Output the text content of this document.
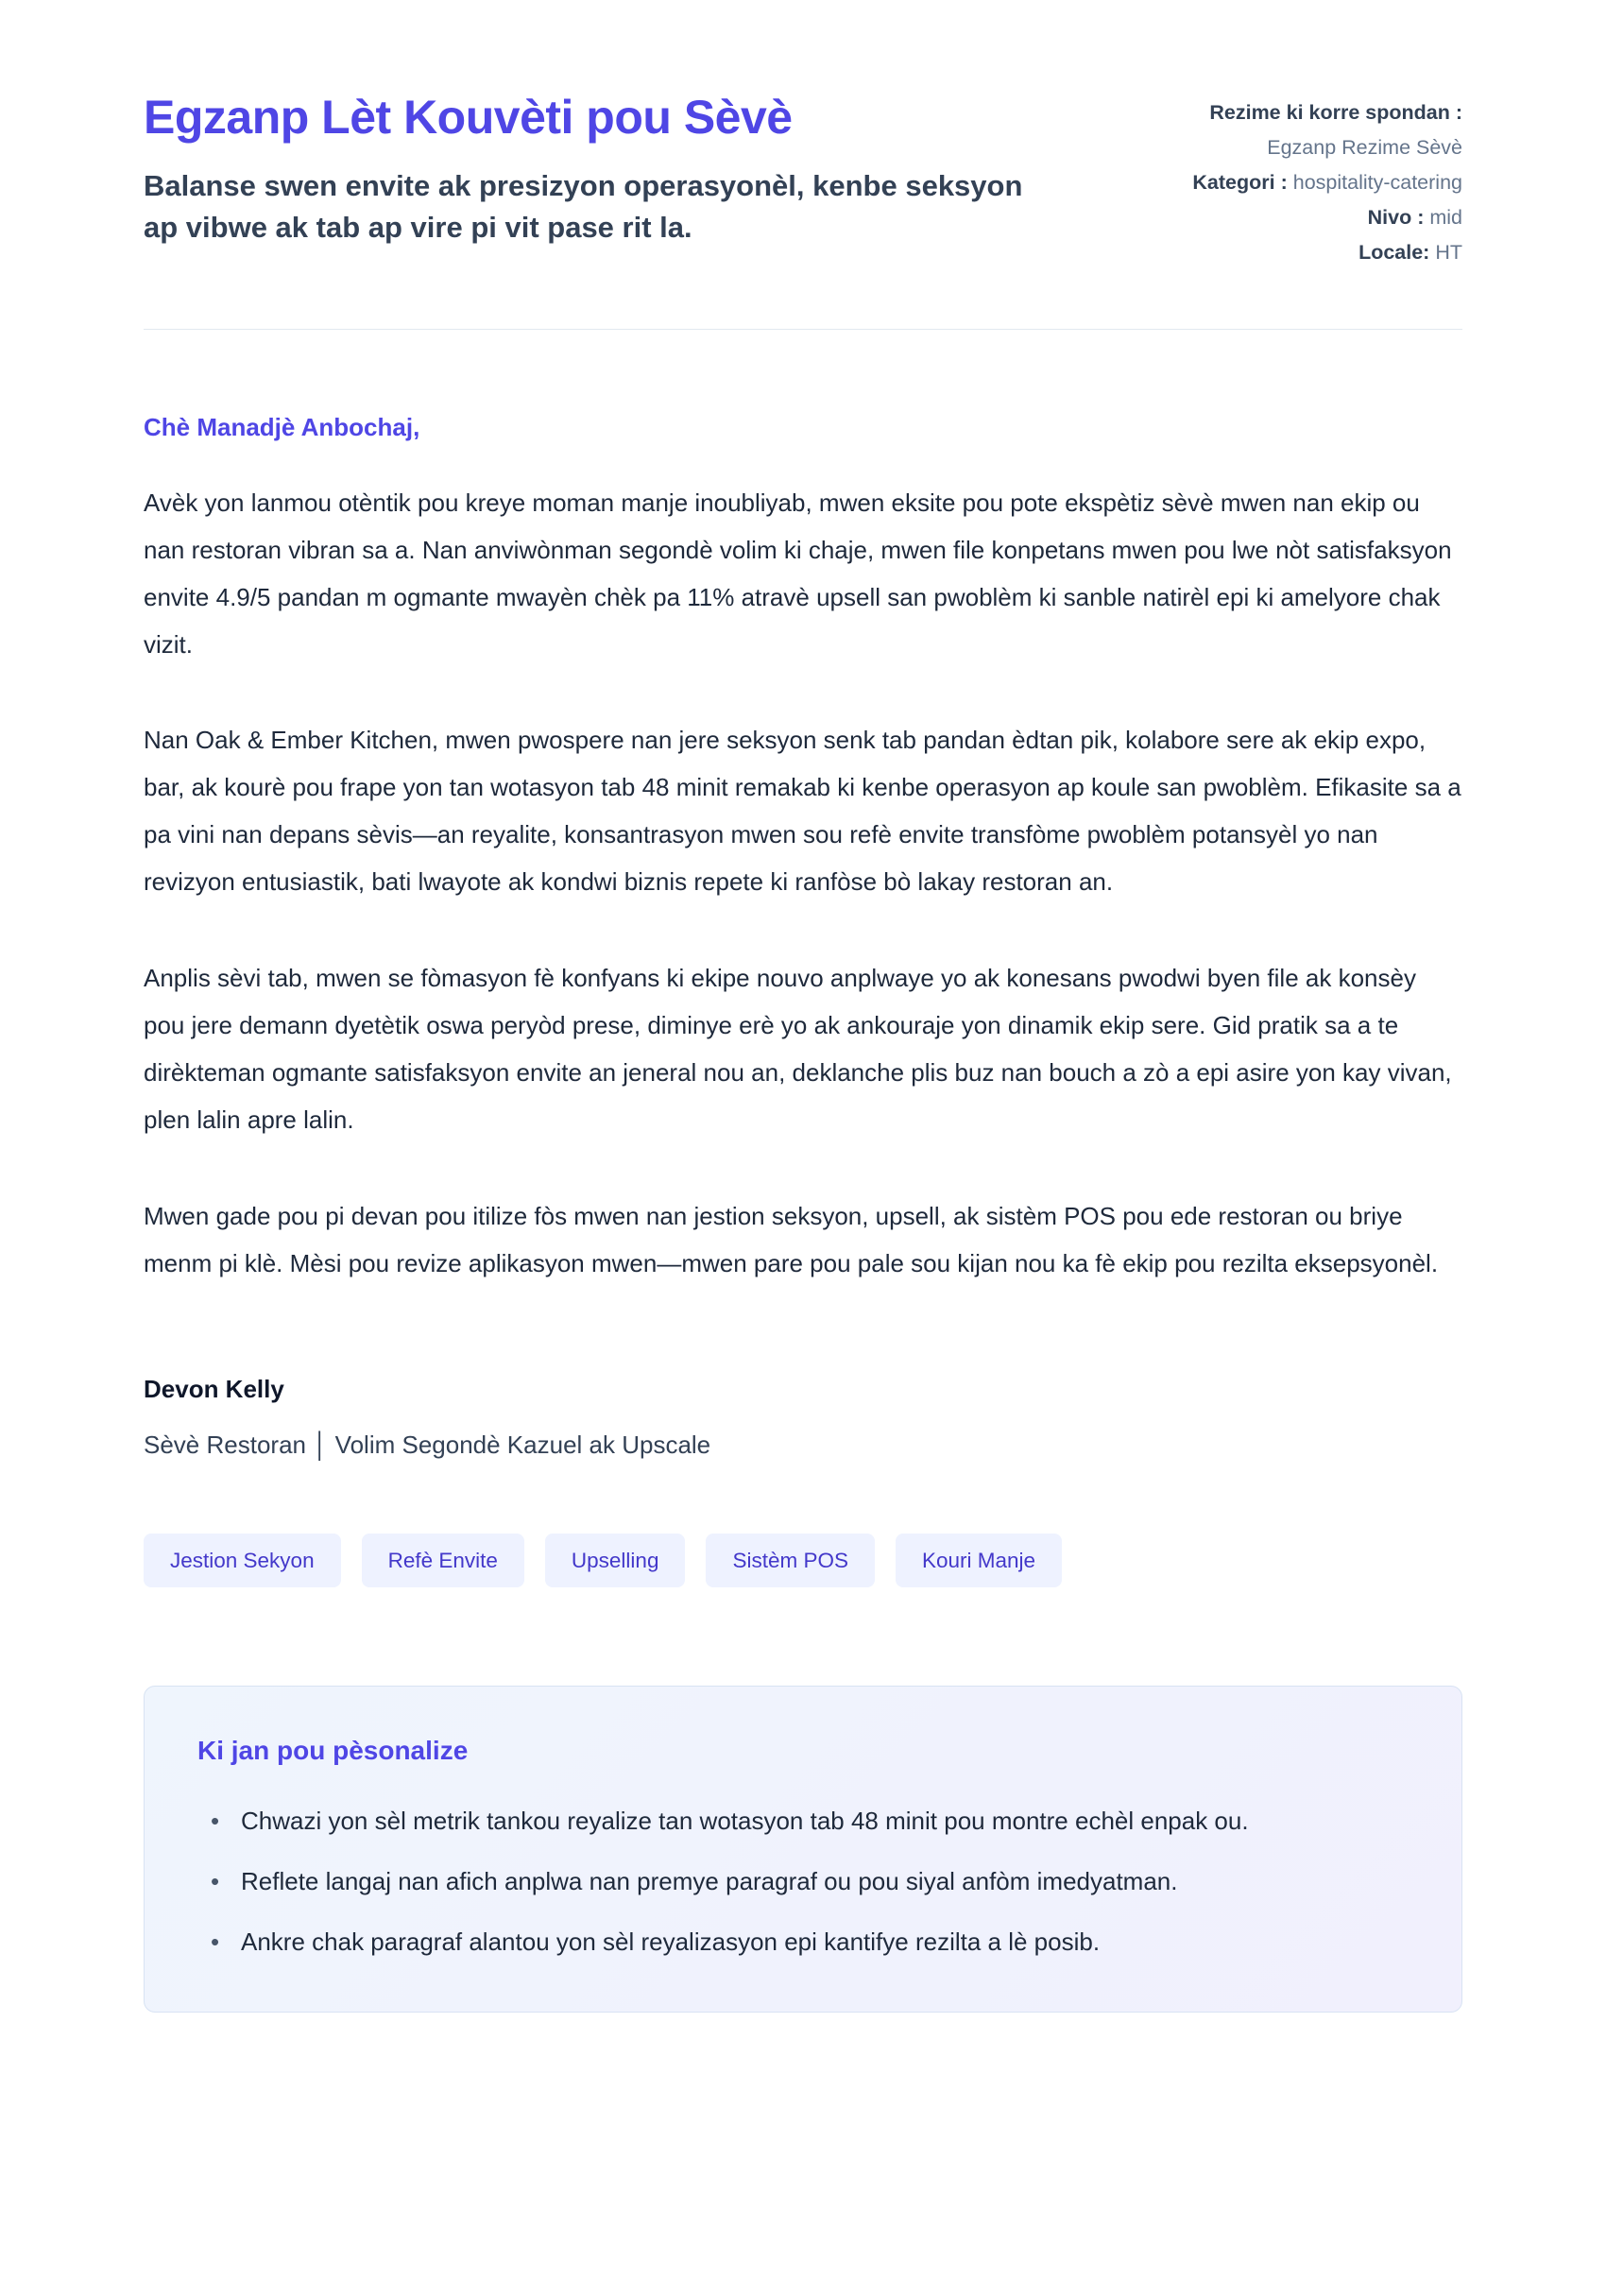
Egzanp Lèt Kouvèti pou Sèvè
Balanse swen envite ak presizyon operasyonèl, kenbe seksyon ap vibwe ak tab ap vire pi vit pase rit la.
Rezime ki korre spondan : Egzanp Rezime Sèvè
Kategori : hospitality-catering
Nivo : mid
Locale: HT
Chè Manadjè Anbochaj,

Avèk yon lanmou otèntik pou kreye moman manje inoubliyab, mwen eksite pou pote ekspètiz sèvè mwen nan ekip ou nan restoran vibran sa a. Nan anviwònman segondè volim ki chaje, mwen file konpetans mwen pou lwe nòt satisfaksyon envite 4.9/5 pandan m ogmante mwayèn chèk pa 11% atravè upsell san pwoblèm ki sanble natirèl epi ki amelyore chak vizit.

Nan Oak & Ember Kitchen, mwen pwospere nan jere seksyon senk tab pandan èdtan pik, kolabore sere ak ekip expo, bar, ak kourè pou frape yon tan wotasyon tab 48 minit remakab ki kenbe operasyon ap koule san pwoblèm. Efikasite sa a pa vini nan depans sèvis—an reyalite, konsantrasyon mwen sou refè envite transfòme pwoblèm potansyèl yo nan revizyon entusiastik, bati lwayote ak kondwi biznis repete ki ranfòse bò lakay restoran an.

Anplis sèvi tab, mwen se fòmasyon fè konfyans ki ekipe nouvo anplwaye yo ak konesans pwodwi byen file ak konsèy pou jere demann dyetètik oswa peryòd prese, diminye erè yo ak ankouraje yon dinamik ekip sere. Gid pratik sa a te dirèkteman ogmante satisfaksyon envite an jeneral nou an, deklanche plis buz nan bouch a zò a epi asire yon kay vivan, plen lalin apre lalin.

Mwen gade pou pi devan pou itilize fòs mwen nan jestion seksyon, upsell, ak sistèm POS pou ede restoran ou briye menm pi klè. Mèsi pou revize aplikasyon mwen—mwen pare pou pale sou kijan nou ka fè ekip pou rezilta eksepsyonèl.

Devon Kelly
Sèvè Restoran │ Volim Segondè Kazuel ak Upscale
Jestion Sekyon	Refè Envite	Upselling	Sistèm POS	Kouri Manje
Ki jan pou pèsonalize
• Chwazi yon sèl metrik tankou reyalize tan wotasyon tab 48 minit pou montre echèl enpak ou.
• Reflete langaj nan afich anplwa nan premye paragraf ou pou siyal anfòm imedyatman.
• Ankre chak paragraf alantou yon sèl reyalizasyon epi kantifye rezilta a lè posib.
